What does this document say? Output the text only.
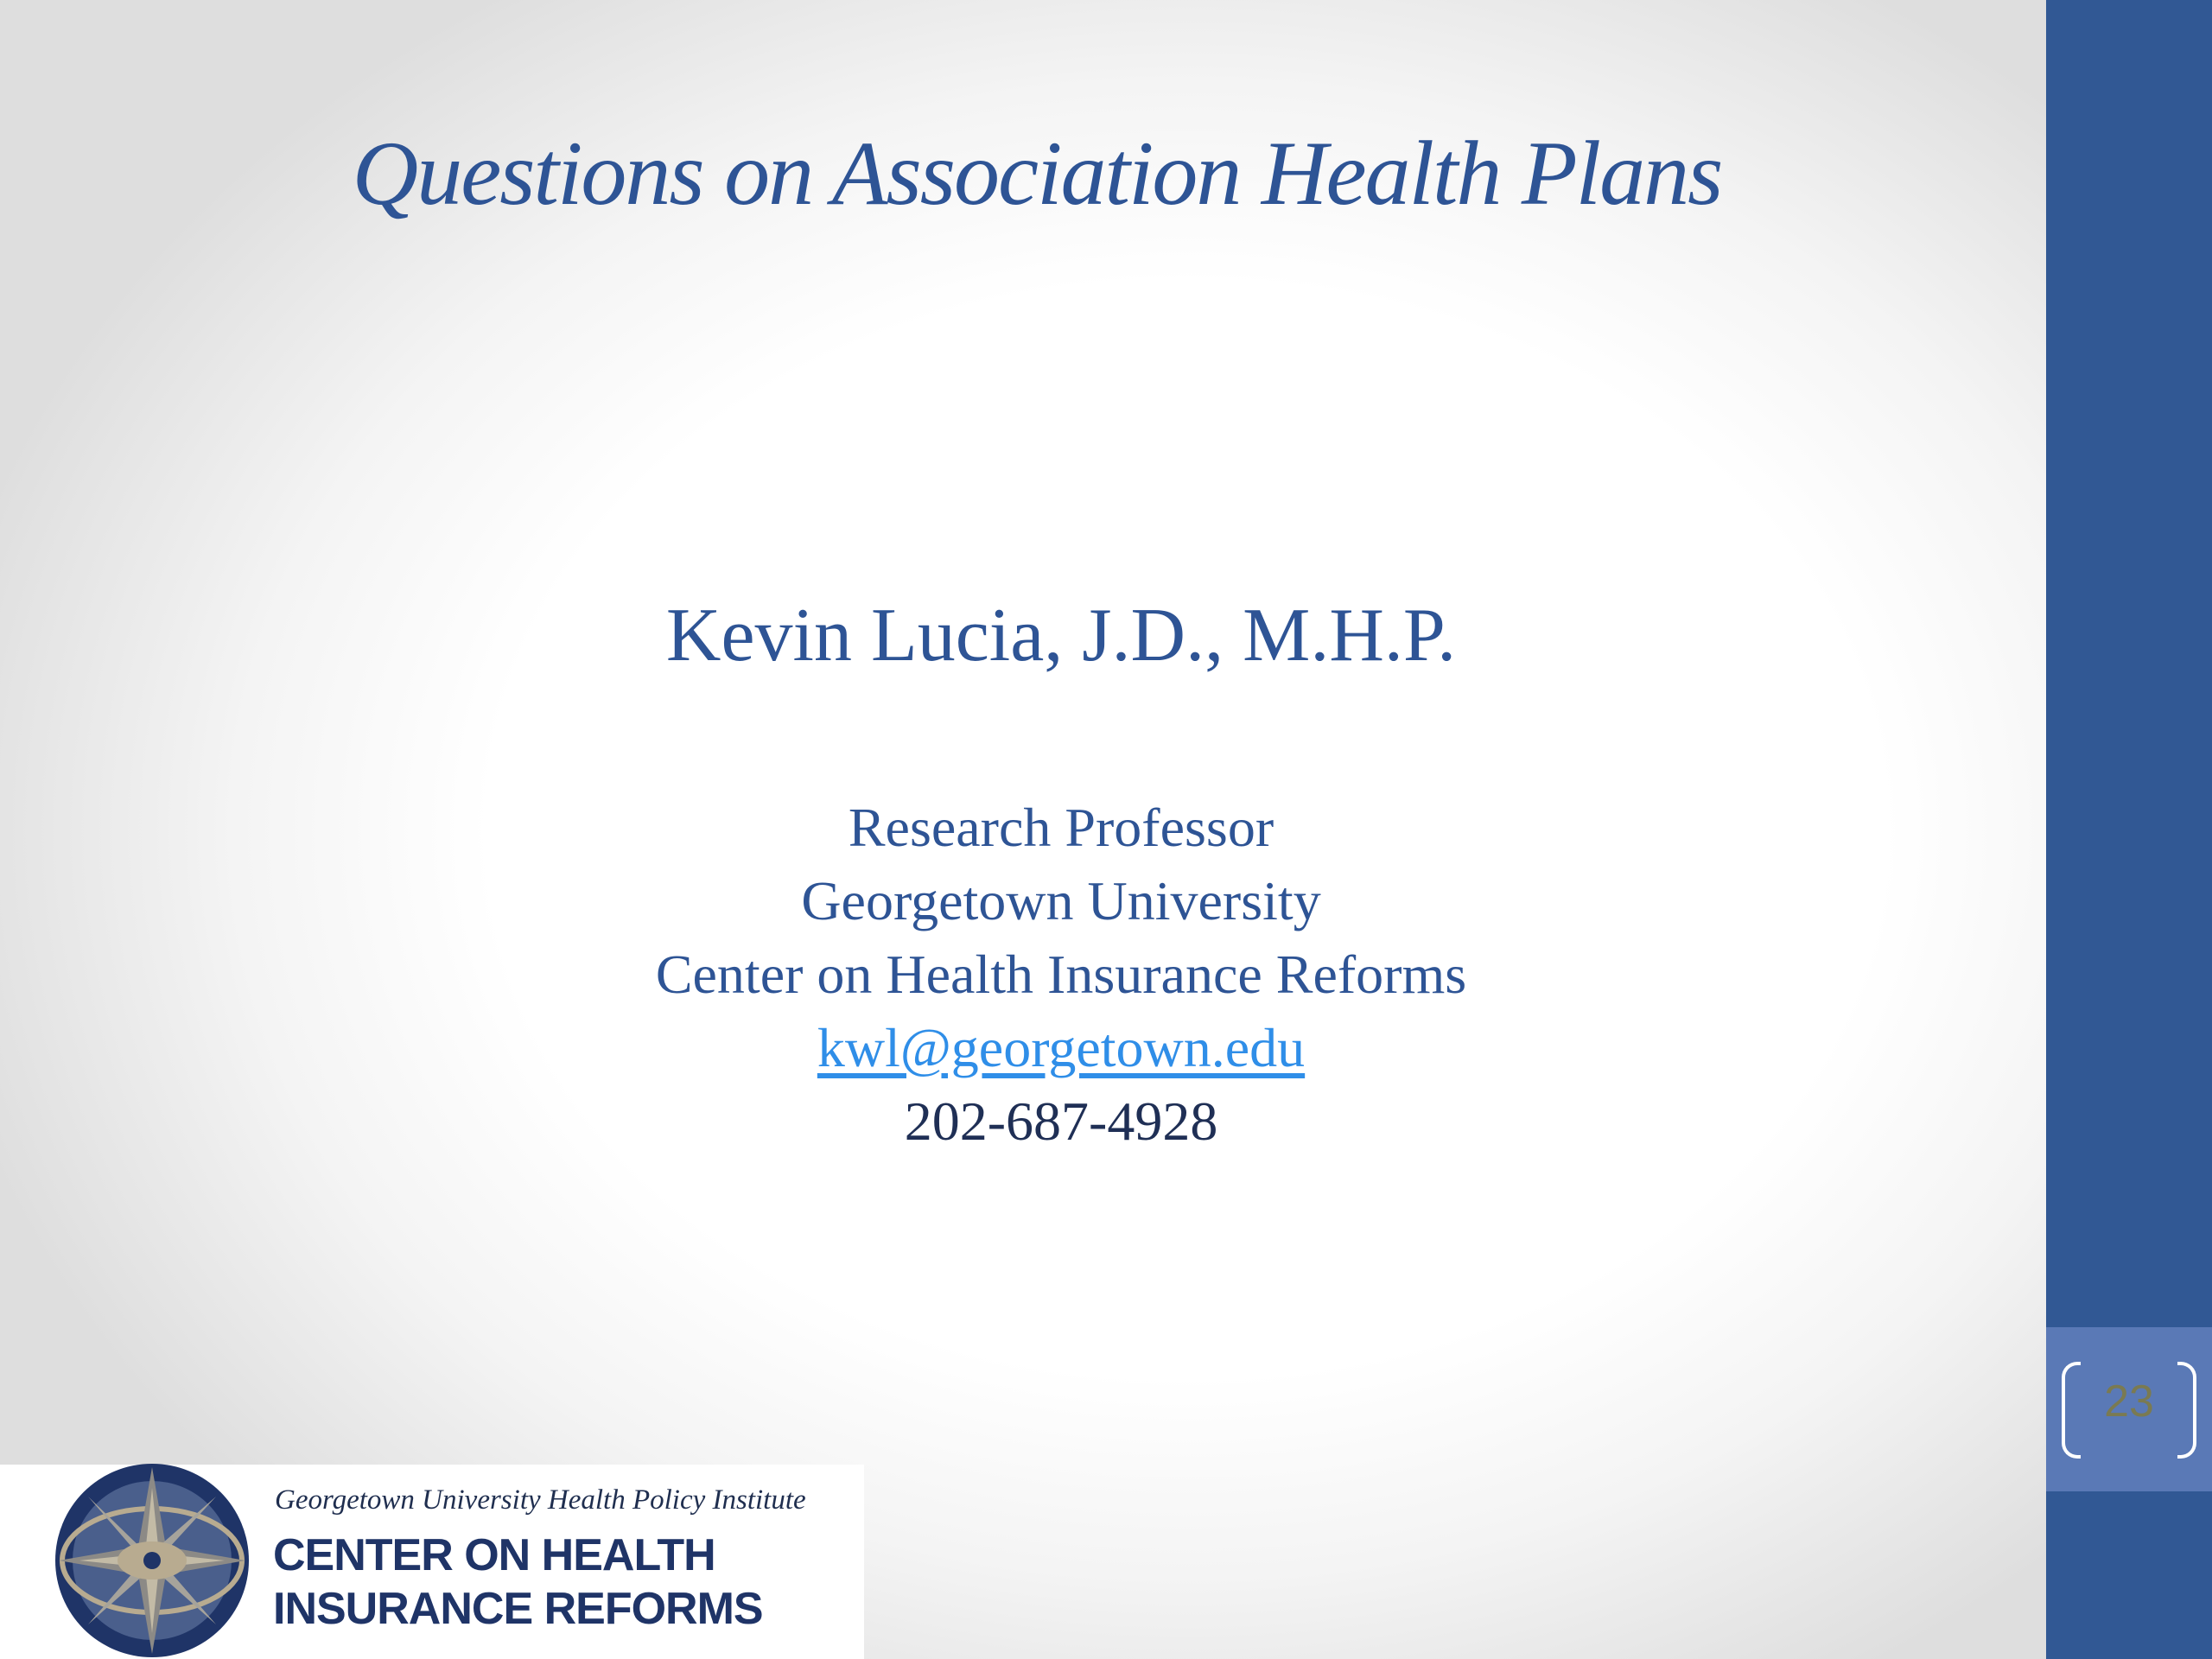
Questions on Association Health Plans
Kevin Lucia, J.D., M.H.P.
Research Professor
Georgetown University
Center on Health Insurance Reforms
kwl@georgetown.edu
202-687-4928
23
Georgetown University Health Policy Institute
CENTER ON HEALTH
INSURANCE REFORMS
